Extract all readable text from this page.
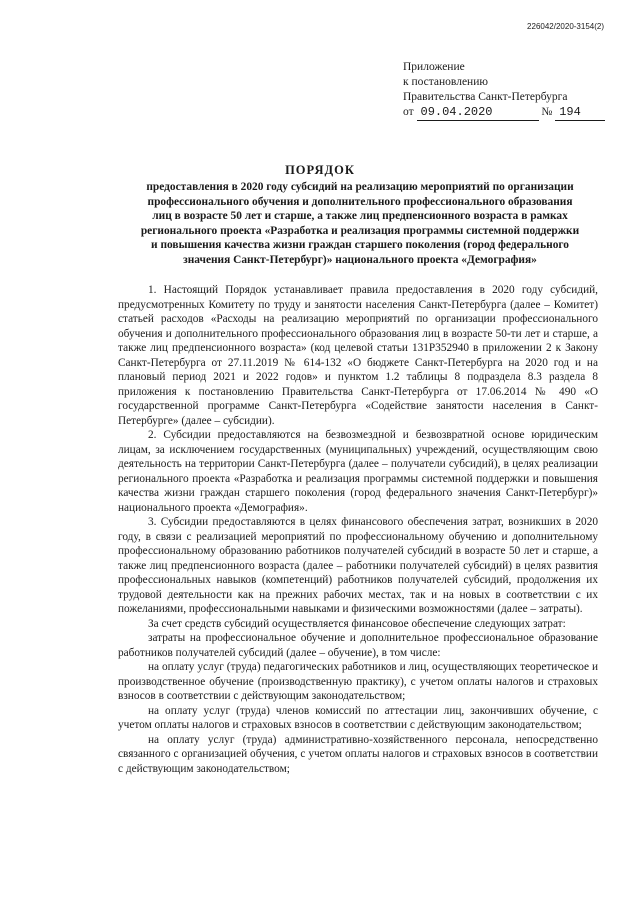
226042/2020-3154(2)
Приложение
к постановлению
Правительства Санкт-Петербурга
от 09.04.2020	№ 194
ПОРЯДОК
предоставления в 2020 году субсидий на реализацию мероприятий по организации
профессионального обучения и дополнительного профессионального образования
лиц в возрасте 50 лет и старше, а также лиц предпенсионного возраста в рамках
регионального проекта «Разработка и реализация программы системной поддержки
и повышения качества жизни граждан старшего поколения (город федерального
значения Санкт-Петербург)» национального проекта «Демография»

1. Настоящий Порядок устанавливает правила предоставления в 2020 году субсидий, предусмотренных Комитету по труду и занятости населения Санкт-Петербурга (далее – Комитет) статьей расходов «Расходы на реализацию мероприятий по организации профессионального обучения и дополнительного профессионального образования лиц в возрасте 50-ти лет и старше, а также лиц предпенсионного возраста» (код целевой статьи 131Р352940 в приложении 2 к Закону Санкт-Петербурга от 27.11.2019 № 614-132 «О бюджете Санкт-Петербурга на 2020 год и на плановый период 2021 и 2022 годов» и пунктом 1.2 таблицы 8 подраздела 8.3 раздела 8 приложения к постановлению Правительства Санкт-Петербурга от 17.06.2014 № 490 «О государственной программе Санкт-Петербурга «Содействие занятости населения в Санкт-Петербурге» (далее – субсидии).

2. Субсидии предоставляются на безвозмездной и безвозвратной основе юридическим лицам, за исключением государственных (муниципальных) учреждений, осуществляющим свою деятельность на территории Санкт-Петербурга (далее – получатели субсидий), в целях реализации регионального проекта «Разработка и реализация программы системной поддержки и повышения качества жизни граждан старшего поколения (город федерального значения Санкт-Петербург)» национального проекта «Демография».

3. Субсидии предоставляются в целях финансового обеспечения затрат, возникших в 2020 году, в связи с реализацией мероприятий по профессиональному обучению и дополнительному профессиональному образованию работников получателей субсидий в возрасте 50 лет и старше, а также лиц предпенсионного возраста (далее – работники получателей субсидий) в целях развития профессиональных навыков (компетенций) работников получателей субсидий, продолжения их трудовой деятельности как на прежних рабочих местах, так и на новых в соответствии с их пожеланиями, профессиональными навыками и физическими возможностями (далее – затраты).

За счет средств субсидий осуществляется финансовое обеспечение следующих затрат:

затраты на профессиональное обучение и дополнительное профессиональное образование работников получателей субсидий (далее – обучение), в том числе:

на оплату услуг (труда) педагогических работников и лиц, осуществляющих теоретическое и производственное обучение (производственную практику), с учетом оплаты налогов и страховых взносов в соответствии с действующим законодательством;

на оплату услуг (труда) членов комиссий по аттестации лиц, закончивших обучение, с учетом оплаты налогов и страховых взносов в соответствии с действующим законодательством;

на оплату услуг (труда) административно-хозяйственного персонала, непосредственно связанного с организацией обучения, с учетом оплаты налогов и страховых взносов в соответствии с действующим законодательством;
